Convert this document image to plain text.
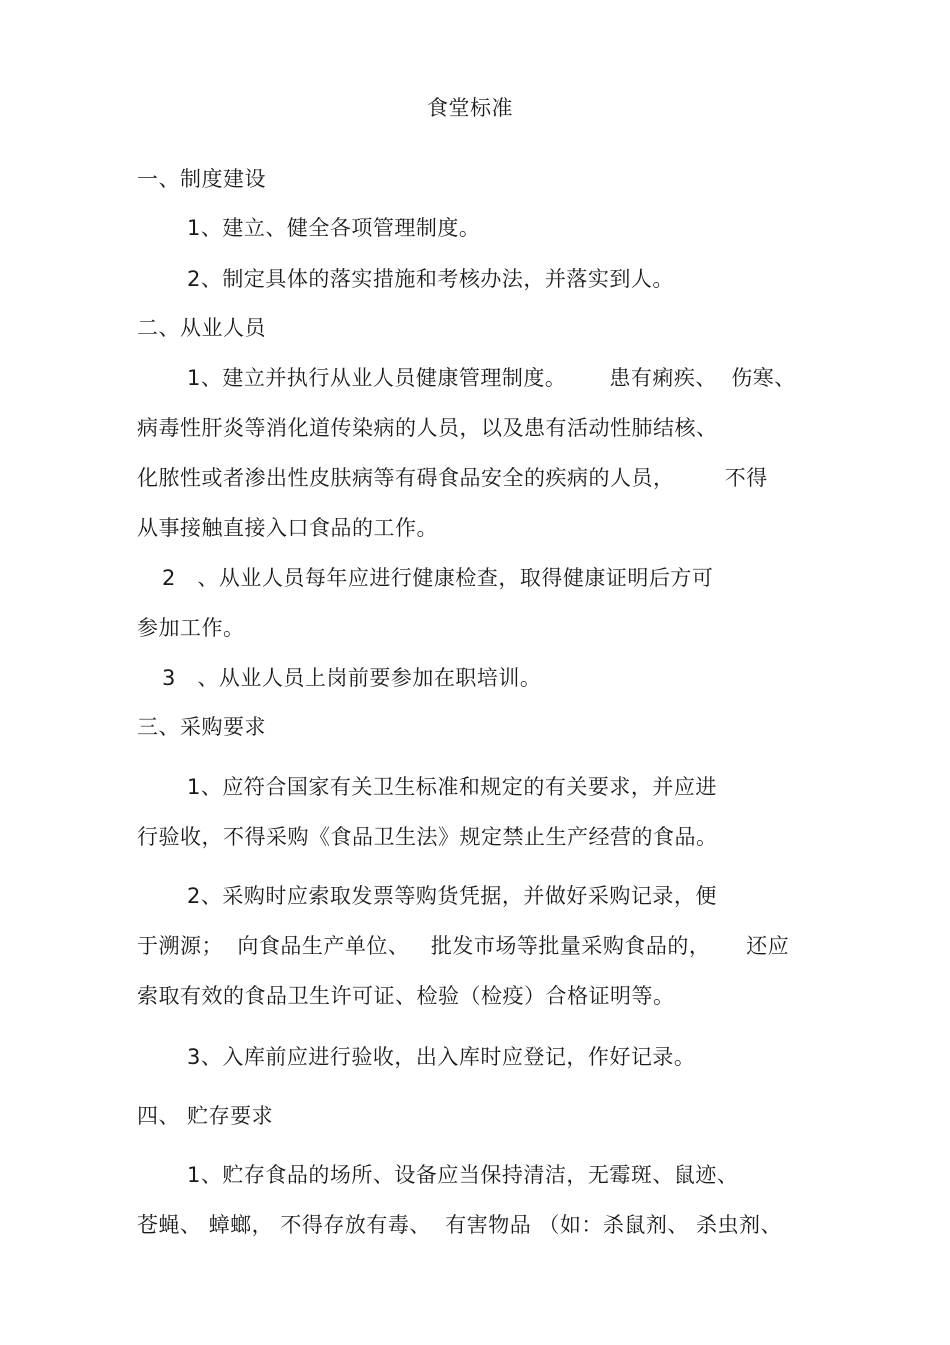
食堂标准
一、制度建设
1、建立、健全各项管理制度。
2、制定具体的落实措施和考核办法，并落实到人。
二、从业人员
1、建立并执行从业人员健康管理制度。      患有痢疾、  伤寒、
病毒性肝炎等消化道传染病的人员，以及患有活动性肺结核、
化脓性或者渗出性皮肤病等有碍食品安全的疾病的人员，       不得
从事接触直接入口食品的工作。
2   、从业人员每年应进行健康检查，取得健康证明后方可
参加工作。
3   、从业人员上岗前要参加在职培训。
三、采购要求
1、应符合国家有关卫生标准和规定的有关要求，并应进
行验收，不得采购《食品卫生法》规定禁止生产经营的食品。
2、采购时应索取发票等购货凭据，并做好采购记录，便
于溯源；  向食品生产单位、   批发市场等批量采购食品的，     还应
索取有效的食品卫生许可证、检验（检疫）合格证明等。
3、入库前应进行验收，出入库时应登记，作好记录。
四、 贮存要求
1、贮存食品的场所、设备应当保持清洁，无霉斑、鼠迹、
苍蝇、 蟑螂， 不得存放有毒、  有害物品 （如：杀鼠剂、 杀虫剂、
